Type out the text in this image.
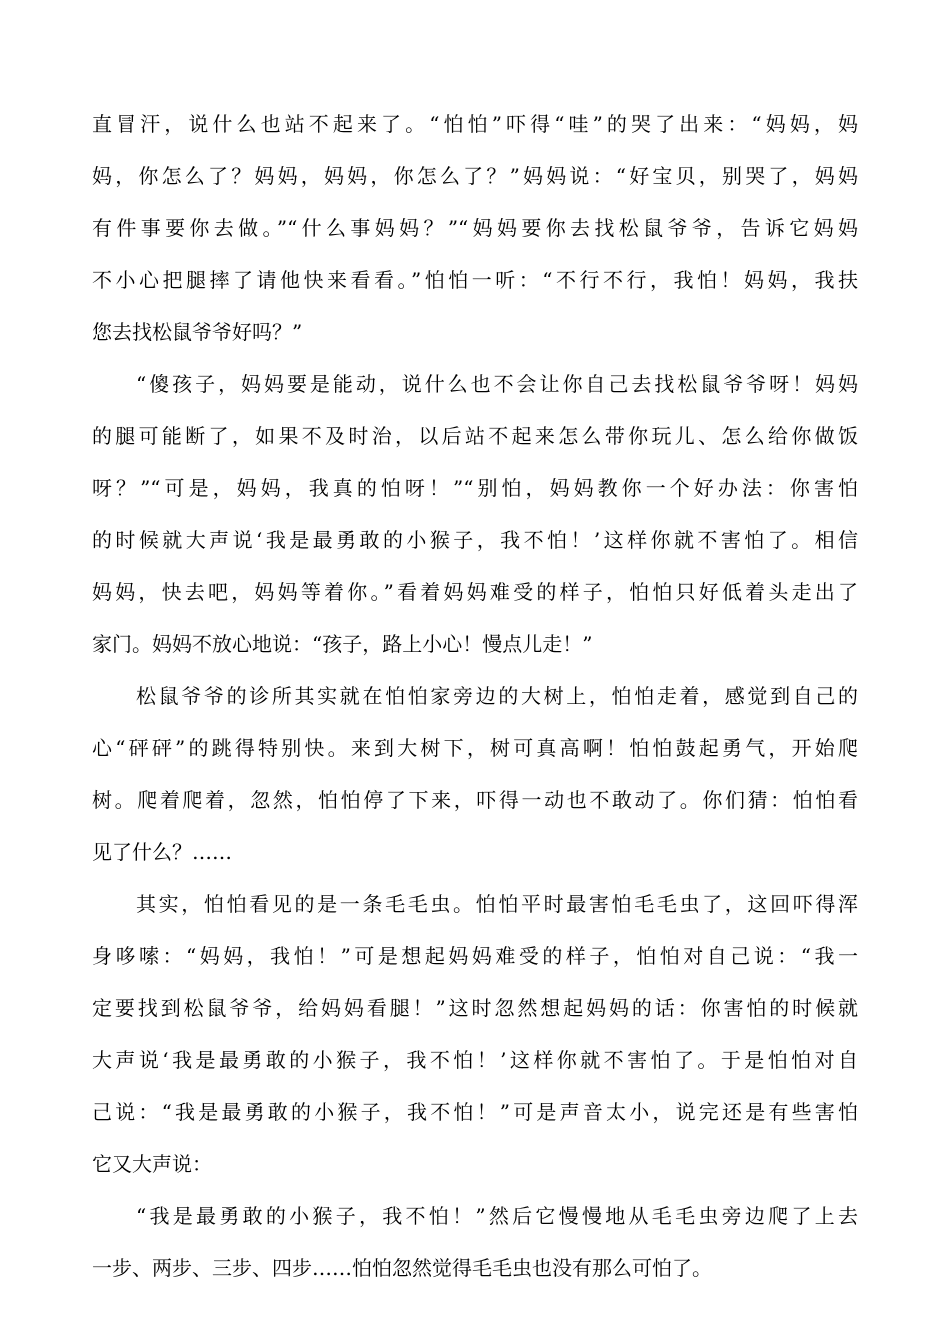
直冒汗，说什么也站不起来了。“怕怕”吓得“哇”的哭了出来：“妈妈，妈
妈，你怎么了？妈妈，妈妈，你怎么了？”妈妈说：“好宝贝，别哭了，妈妈
有件事要你去做。”“什么事妈妈？”“妈妈要你去找松鼠爷爷，告诉它妈妈
不小心把腿摔了请他快来看看。”怕怕一听：“不行不行，我怕！妈妈，我扶
您去找松鼠爷爷好吗？”
“傻孩子，妈妈要是能动，说什么也不会让你自己去找松鼠爷爷呀！妈妈
的腿可能断了，如果不及时治，以后站不起来怎么带你玩儿、怎么给你做饭
呀？”“可是，妈妈，我真的怕呀！”“别怕，妈妈教你一个好办法：你害怕
的时候就大声说‘我是最勇敢的小猴子，我不怕！’这样你就不害怕了。相信
妈妈，快去吧，妈妈等着你。”看着妈妈难受的样子，怕怕只好低着头走出了
家门。妈妈不放心地说：“孩子，路上小心！慢点儿走！”
松鼠爷爷的诊所其实就在怕怕家旁边的大树上，怕怕走着，感觉到自己的
心“砰砰”的跳得特别快。来到大树下，树可真高啊！怕怕鼓起勇气，开始爬
树。爬着爬着，忽然，怕怕停了下来，吓得一动也不敢动了。你们猜：怕怕看
见了什么？……
其实，怕怕看见的是一条毛毛虫。怕怕平时最害怕毛毛虫了，这回吓得浑
身哆嗦：“妈妈，我怕！”可是想起妈妈难受的样子，怕怕对自己说：“我一
定要找到松鼠爷爷，给妈妈看腿！”这时忽然想起妈妈的话：你害怕的时候就
大声说‘我是最勇敢的小猴子，我不怕！’这样你就不害怕了。于是怕怕对自
己说：“我是最勇敢的小猴子，我不怕！”可是声音太小，说完还是有些害怕
它又大声说：
“我是最勇敢的小猴子，我不怕！”然后它慢慢地从毛毛虫旁边爬了上去
一步、两步、三步、四步……怕怕忽然觉得毛毛虫也没有那么可怕了。
